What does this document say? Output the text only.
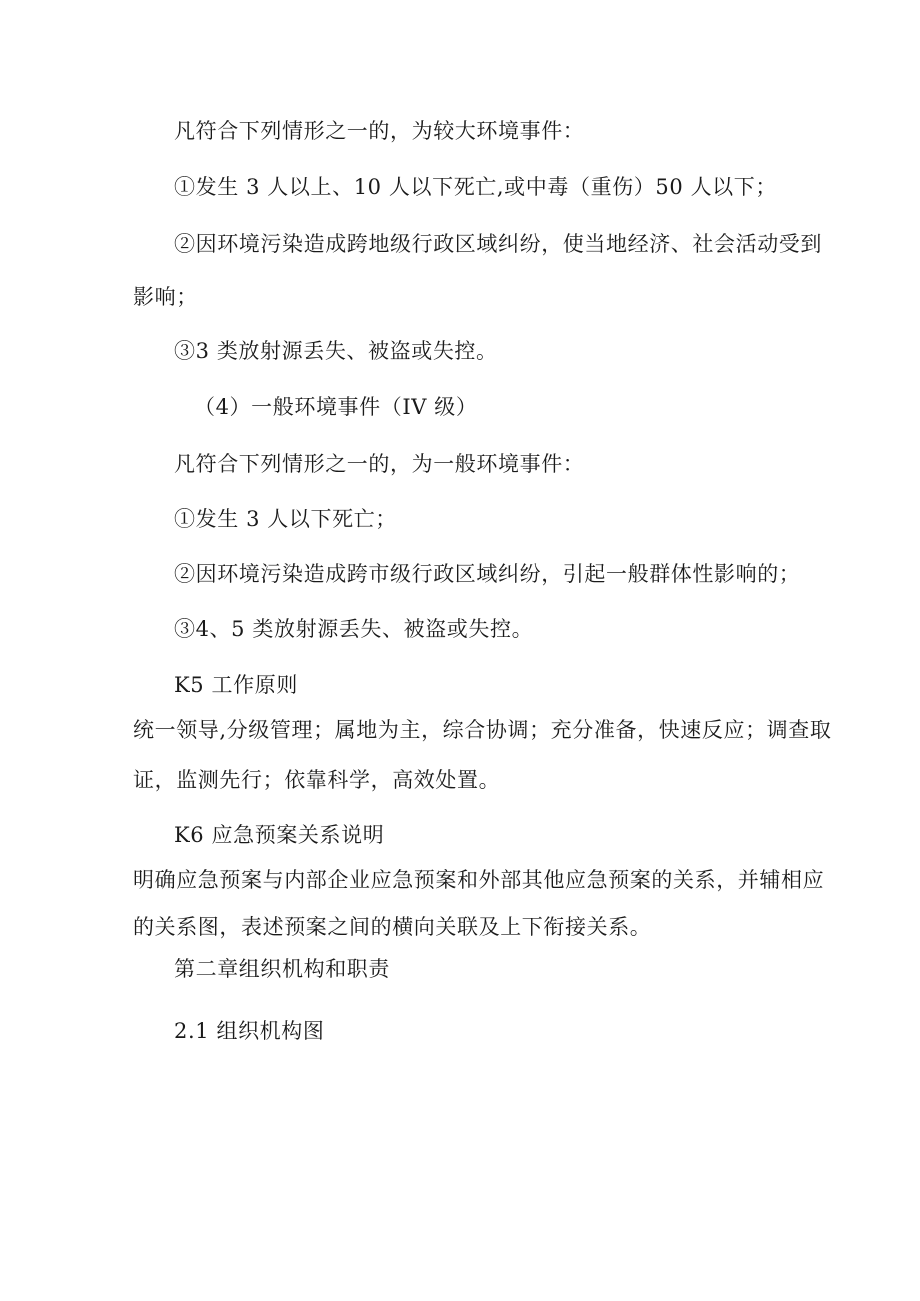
凡符合下列情形之一的，为较大环境事件：
①发生 3 人以上、10 人以下死亡,或中毒（重伤）50 人以下；
②因环境污染造成跨地级行政区域纠纷，使当地经济、社会活动受到
影响；
③3 类放射源丢失、被盗或失控。
（4）一般环境事件（IV 级）
凡符合下列情形之一的，为一般环境事件：
①发生 3 人以下死亡；
②因环境污染造成跨市级行政区域纠纷，引起一般群体性影响的；
③4、5 类放射源丢失、被盗或失控。
K5 工作原则
统一领导,分级管理；属地为主，综合协调；充分准备，快速反应；调查取
证，监测先行；依靠科学，高效处置。
K6 应急预案关系说明
明确应急预案与内部企业应急预案和外部其他应急预案的关系，并辅相应
的关系图，表述预案之间的横向关联及上下衔接关系。
第二章组织机构和职责
2.1 组织机构图
